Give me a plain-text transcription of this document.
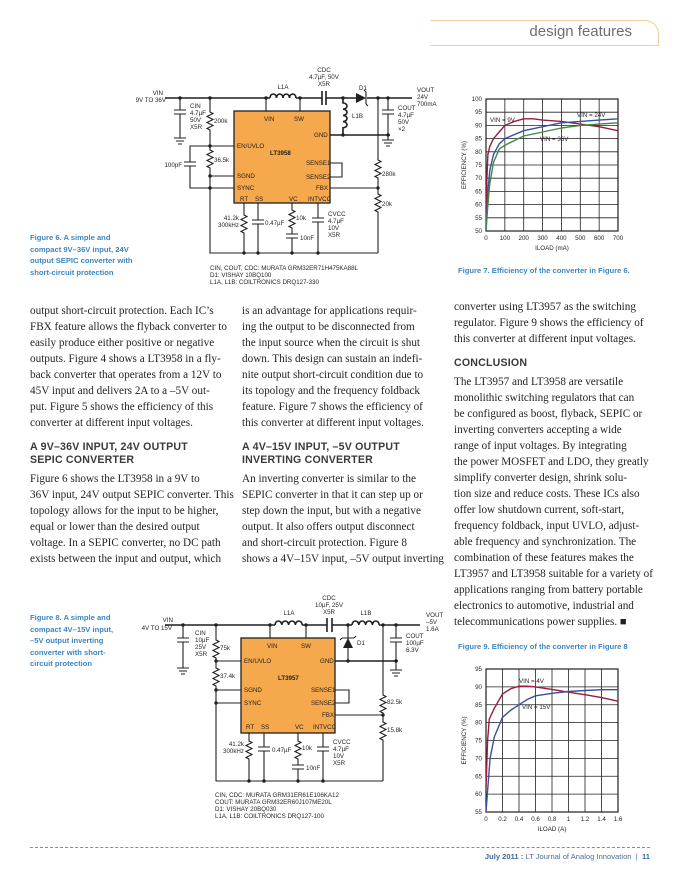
design features
Figure 6. A simple and
compact 9V–36V input, 24V
output SEPIC converter with
short-circuit protection	Figure 7. Efficiency of the converter in Figure 6.
Figure 8. A simple and
compact 4V–15V input,
–5V output inverting
converter with short-
circuit protection
Figure 9. Efficiency of the converter in Figure 8
output short-circuit protection. Each IC’s
FBX feature allows the flyback converter to
easily produce either positive or negative
outputs. Figure 4 shows a LT3958 in a fly-
back converter that operates from a 12V to
45V input and delivers 2A to a –5V out-
put. Figure 5 shows the efficiency of this
converter at different input voltages.
A 9V–36V INPUT, 24V OUTPUT
SEPIC CONVERTER
Figure 6 shows the LT3958 in a 9V to
36V input, 24V output SEPIC converter. This
topology allows for the input to be higher,
equal or lower than the desired output
voltage. In a SEPIC converter, no DC path
exists between the input and output, which
is an advantage for applications requir-
ing the output to be disconnected from
the input source when the circuit is shut
down. This design can sustain an indefi-
nite output short-circuit condition due to
its topology and the frequency foldback
feature. Figure 7 shows the efficiency of
this converter at different input voltages.
A 4V–15V INPUT, –5V OUTPUT
INVERTING CONVERTER
An inverting converter is similar to the
SEPIC converter in that it can step up or
step down the input, but with a negative
output. It also offers output disconnect
and short-circuit protection. Figure 8
shows a 4V–15V input, –5V output inverting
converter using LT3957 as the switching
regulator. Figure 9 shows the efficiency of
this converter at different input voltages.
CONCLUSION
The LT3957 and LT3958 are versatile
monolithic switching regulators that can
be configured as boost, flyback, SEPIC or
inverting converters accepting a wide
range of input voltages. By integrating
the power MOSFET and LDO, they greatly
simplify converter design, shrink solu-
tion size and reduce costs. These ICs also
offer low shutdown current, soft-start,
frequency foldback, input UVLO, adjust-
able frequency and synchronization. The
combination of these features makes the
LT3957 and LT3958 suitable for a variety of
applications ranging from battery portable
electronics to automotive, industrial and
telecommunications power supplies. ■
VIN	SW
GND
EN/UVLO
LT3958
SENSE1
SENSE2
SGND
SYNC	FBX
RT SS	VC INTVCC
VIN
9V TO 36V
CIN
4.7µF
50V
X5R
200k
36.5k
100pF
L1A
L1B
D1
CDC
4.7µF, 50V
X5R
VOUT
24V
700mA
COUT
4.7µF
50V
×2
280k
20k
41.2k
300kHz	0.47µF
10k
10nF
CVCC
4.7µF
10V
X5R
CIN, COUT, CDC: MURATA GRM32ER71H475KA88L
D1: VISHAY 10BQ100
L1A, L1B: COILTRONICS DRQ127-330
VIN	SW
GND
EN/UVLO
LT3957
SENSE1
SENSE2
SGND
SYNC
FBX
RT SS	VC INTVCC
VIN
4V TO 15V
CIN
10µF
25V
X5R
75k
37.4k
L1A	L1B
D1
CDC
10µF, 25V
X5R	VOUT
–5V
1.6A
COUT
100µF
6.3V
82.5k
15.8k
41.2k
300kHz	0.47µF 10k
10nF
CVCC
4.7µF
10V
X5R
CIN, CDC: MURATA GRM31ER61E106KA12
COUT: MURATA GRM32ER60J107ME20L
D1: VISHAY 20BQ030
L1A, L1B: COILTRONICS DRQ127-100
50
55
60
65
70
75
80
85
90
95
100
0 100 200 300 400 500 600 700
ILOAD (mA)
EFFICIENCY (%)
55
60
65
70
75
80
85
90
95
0 0.2 0.4 0.6 0.8 1 1.2 1.4 1.6
ILOAD (A)
EFFICIENCY (%)
VIN = 9V
VIN = 24V
VIN = 36V
VIN = 4V
VIN = 15V
July 2011 : LT Journal of Analog Innovation | 11
